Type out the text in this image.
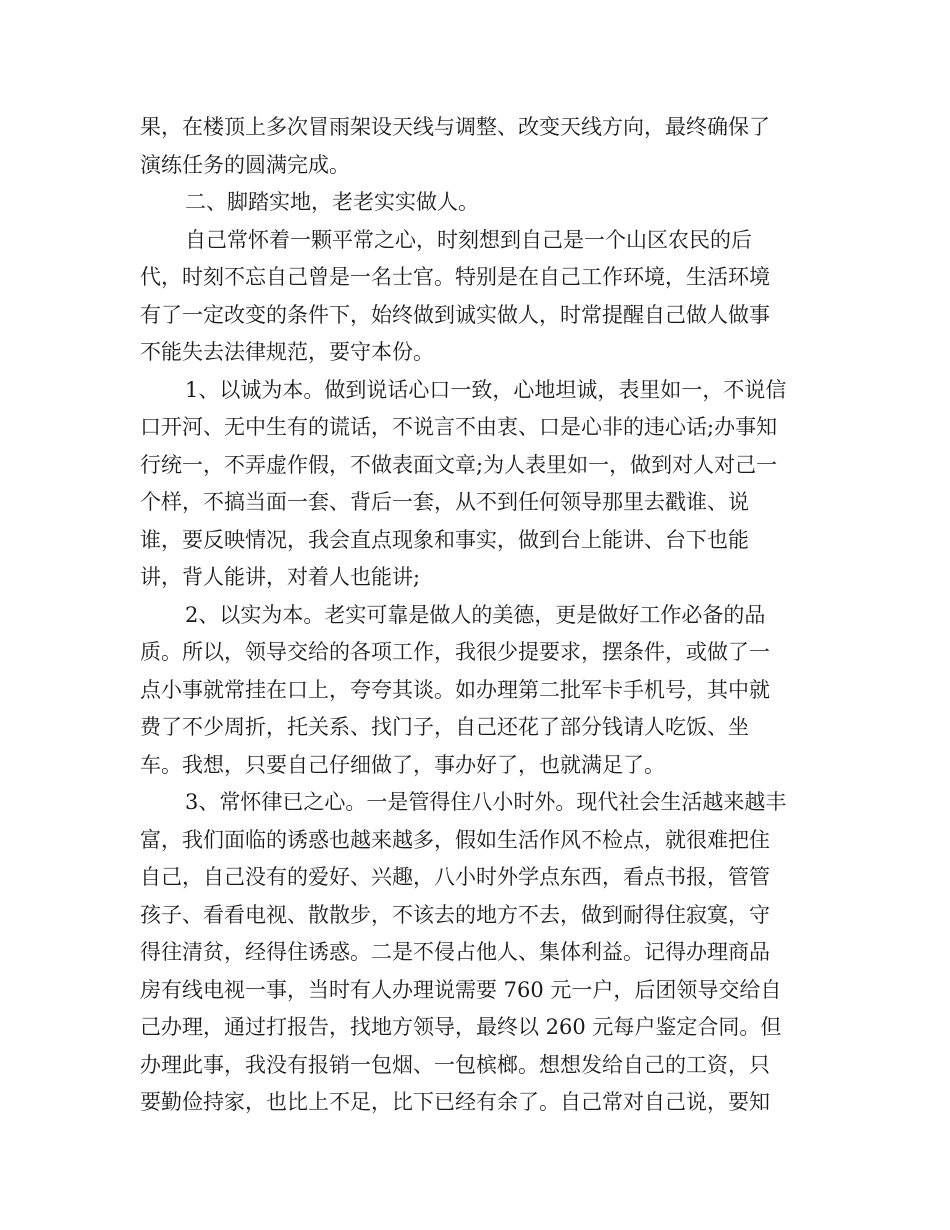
果，在楼顶上多次冒雨架设天线与调整、改变天线方向，最终确保了
演练任务的圆满完成。
二、脚踏实地，老老实实做人。
自己常怀着一颗平常之心，时刻想到自己是一个山区农民的后
代，时刻不忘自己曾是一名士官。特别是在自己工作环境，生活环境
有了一定改变的条件下，始终做到诚实做人，时常提醒自己做人做事
不能失去法律规范，要守本份。
1、以诚为本。做到说话心口一致，心地坦诚，表里如一，不说信
口开河、无中生有的谎话，不说言不由衷、口是心非的违心话;办事知
行统一，不弄虚作假，不做表面文章;为人表里如一，做到对人对己一
个样，不搞当面一套、背后一套，从不到任何领导那里去戳谁、说
谁，要反映情况，我会直点现象和事实，做到台上能讲、台下也能
讲，背人能讲，对着人也能讲;
2、以实为本。老实可靠是做人的美德，更是做好工作必备的品
质。所以，领导交给的各项工作，我很少提要求，摆条件，或做了一
点小事就常挂在口上，夸夸其谈。如办理第二批军卡手机号，其中就
费了不少周折，托关系、找门子，自己还花了部分钱请人吃饭、坐
车。我想，只要自己仔细做了，事办好了，也就满足了。
3、常怀律已之心。一是管得住八小时外。现代社会生活越来越丰
富，我们面临的诱惑也越来越多，假如生活作风不检点，就很难把住
自己，自己没有的爱好、兴趣，八小时外学点东西，看点书报，管管
孩子、看看电视、散散步，不该去的地方不去，做到耐得住寂寞，守
得往清贫，经得住诱惑。二是不侵占他人、集体利益。记得办理商品
房有线电视一事，当时有人办理说需要 760 元一户，后团领导交给自
己办理，通过打报告，找地方领导，最终以 260 元每户鉴定合同。但
办理此事，我没有报销一包烟、一包槟榔。想想发给自己的工资，只
要勤俭持家，也比上不足，比下已经有余了。自己常对自己说，要知
